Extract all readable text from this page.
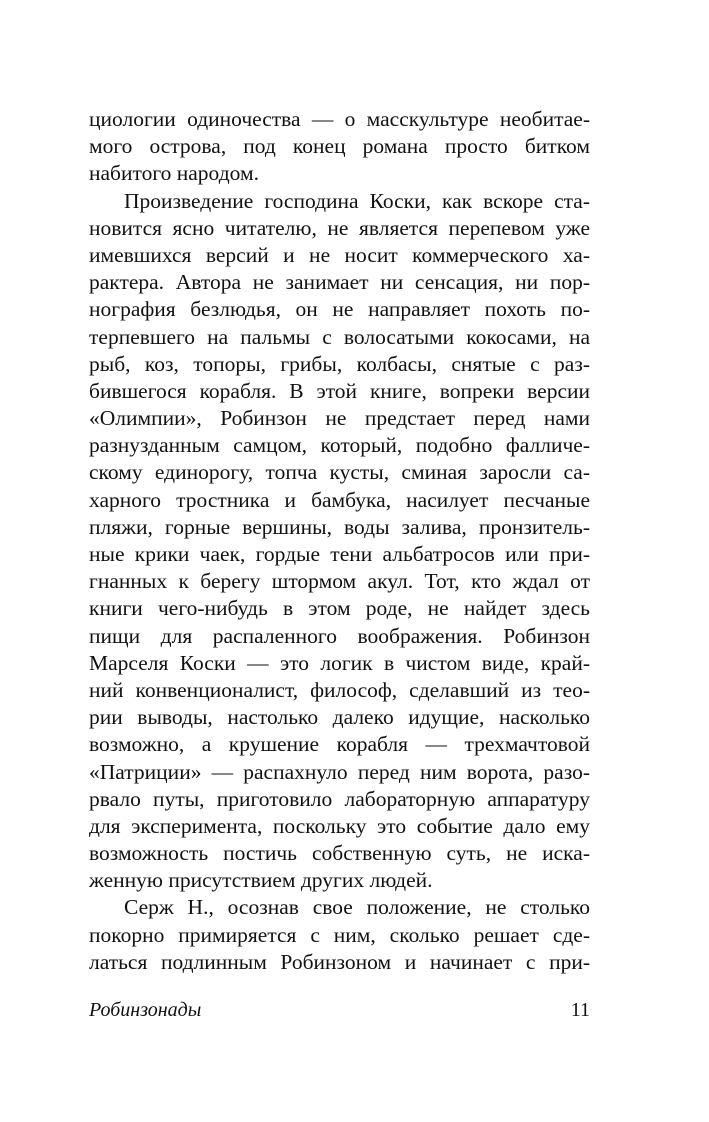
циологии одиночества — о масскультуре необитае-
мого острова, под конец романа просто битком
набитого народом.
Произведение господина Коски, как вскоре ста-
новится ясно читателю, не является перепевом уже
имевшихся версий и не носит коммерческого ха-
рактера. Автора не занимает ни сенсация, ни пор-
нография безлюдья, он не направляет похоть по-
терпевшего на пальмы с волосатыми кокосами, на
рыб, коз, топоры, грибы, колбасы, снятые с раз-
бившегося корабля. В этой книге, вопреки версии
«Олимпии», Робинзон не предстает перед нами
разнузданным самцом, который, подобно фалличе-
скому единорогу, топча кусты, сминая заросли са-
харного тростника и бамбука, насилует песчаные
пляжи, горные вершины, воды залива, пронзитель-
ные крики чаек, гордые тени альбатросов или при-
гнанных к берегу штормом акул. Тот, кто ждал от
книги чего-нибудь в этом роде, не найдет здесь
пищи для распаленного воображения. Робинзон
Марселя Коски — это логик в чистом виде, край-
ний конвенционалист, философ, сделавший из тео-
рии выводы, настолько далеко идущие, насколько
возможно, а крушение корабля — трехмачтовой
«Патриции» — распахнуло перед ним ворота, разо-
рвало путы, приготовило лабораторную аппаратуру
для эксперимента, поскольку это событие дало ему
возможность постичь собственную суть, не иска-
женную присутствием других людей.
Серж Н., осознав свое положение, не столько
покорно примиряется с ним, сколько решает сде-
латься подлинным Робинзоном и начинает с при-
Робинзонады	11
